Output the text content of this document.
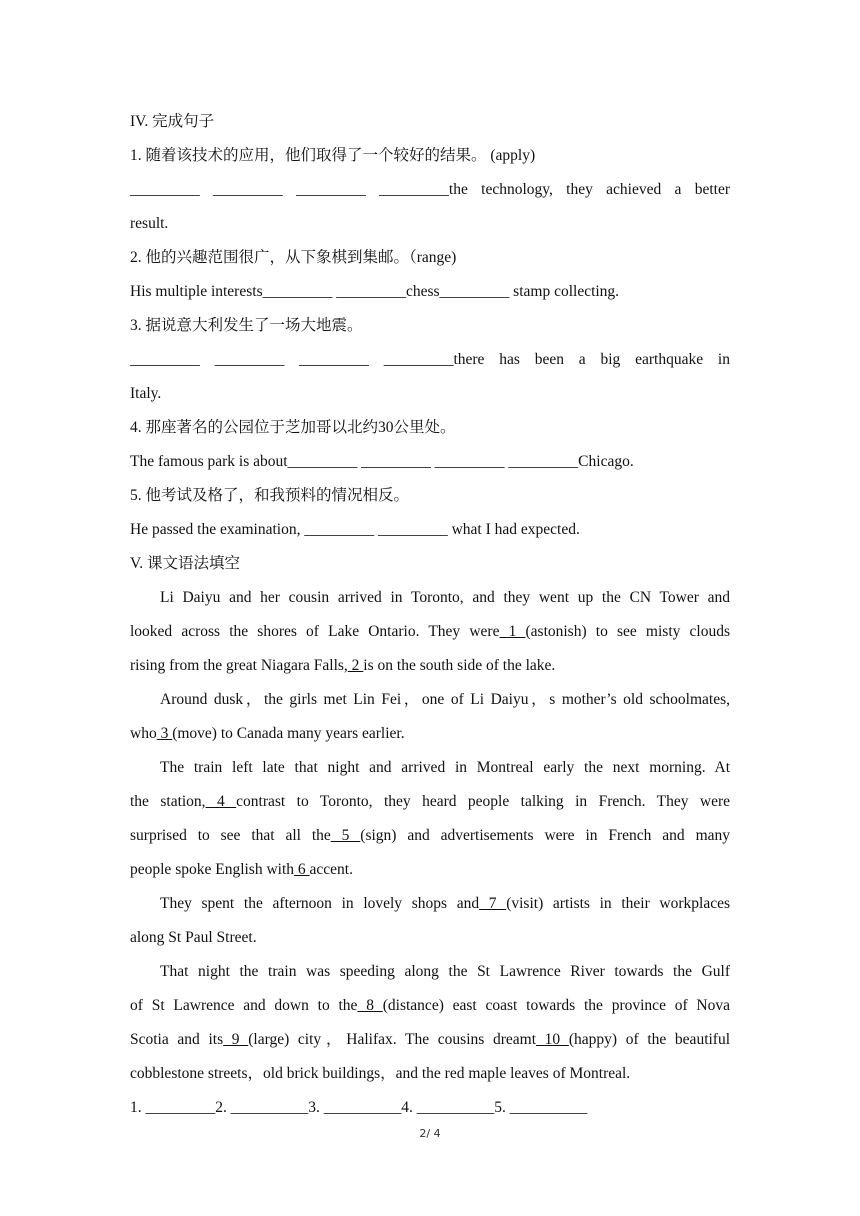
IV. 完成句子
1. 随着该技术的应用，他们取得了一个较好的结果。 (apply)
_________ _________ _________ _________the technology, they achieved a better
result.
2. 他的兴趣范围很广，从下象棋到集邮。（range)
His multiple interests_________ _________chess_________ stamp collecting.
3. 据说意大利发生了一场大地震。
_________ _________ _________ _________there has been a big earthquake in
Italy.
4. 那座著名的公园位于芝加哥以北约30公里处。
The famous park is about_________ _________ _________ _________Chicago.
5. 他考试及格了，和我预料的情况相反。
He passed the examination, _________ _________ what I had expected.
V. 课文语法填空
Li Daiyu and her cousin arrived in Toronto, and they went up the CN Tower and
looked across the shores of Lake Ontario. They were 1 (astonish) to see misty clouds
rising from the great Niagara Falls, 2 is on the south side of the lake.
Around dusk，the girls met Lin Fei，one of Li Daiyu，s mother’s old schoolmates,
who 3 (move) to Canada many years earlier.
The train left late that night and arrived in Montreal early the next morning. At
the station, 4 contrast to Toronto, they heard people talking in French. They were
surprised to see that all the 5 (sign) and advertisements were in French and many
people spoke English with 6 accent.
They spent the afternoon in lovely shops and 7 (visit) artists in their workplaces
along St Paul Street.
That night the train was speeding along the St Lawrence River towards the Gulf
of St Lawrence and down to the 8 (distance) east coast towards the province of Nova
Scotia and its 9 (large) city，Halifax. The cousins dreamt 10 (happy) of the beautiful
cobblestone streets，old brick buildings，and the red maple leaves of Montreal.
1. _________2. __________3. __________4. __________5. __________
2/ 4
